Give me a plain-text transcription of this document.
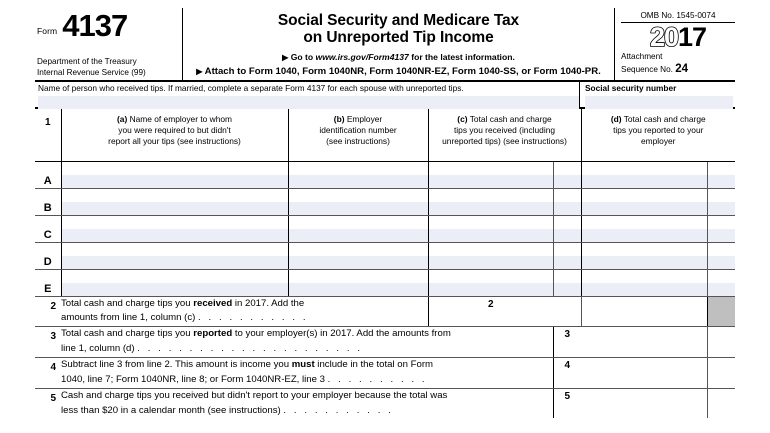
Form 4137
Department of the Treasury
Internal Revenue Service (99)
Social Security and Medicare Tax
on Unreported Tip Income
▶ Go to www.irs.gov/Form4137 for the latest information.
▶ Attach to Form 1040, Form 1040NR, Form 1040NR-EZ, Form 1040-SS, or Form 1040-PR.
OMB No. 1545-0074
2017
Attachment
Sequence No. 24
Name of person who received tips. If married, complete a separate Form 4137 for each spouse with unreported tips.	Social security number
1	(a) Name of employer to whom
you were required to but didn't
report all your tips (see instructions)

(b) Employer
identification number
(see instructions)

(c) Total cash and charge
tips you received (including
unreported tips) (see instructions)

(d) Total cash and charge
tips you reported to your
employer

A	

B	

C	

D	

E	

2	Total cash and charge tips you received in 2017. Add the
amounts from line 1, column (c) . . . . . . . . . . .		2	

3	Total cash and charge tips you reported to your employer(s) in 2017. Add the amounts from
line 1, column (d) . . . . . . . . . . . . . . . . . . . . . .			3	

4	Subtract line 3 from line 2. This amount is income you must include in the total on Form
1040, line 7; Form 1040NR, line 8; or Form 1040NR-EZ, line 3 . . . . . . . . . .			4	

5	Cash and charge tips you received but didn't report to your employer because the total was
less than $20 in a calendar month (see instructions) . . . . . . . . . . .			5	
